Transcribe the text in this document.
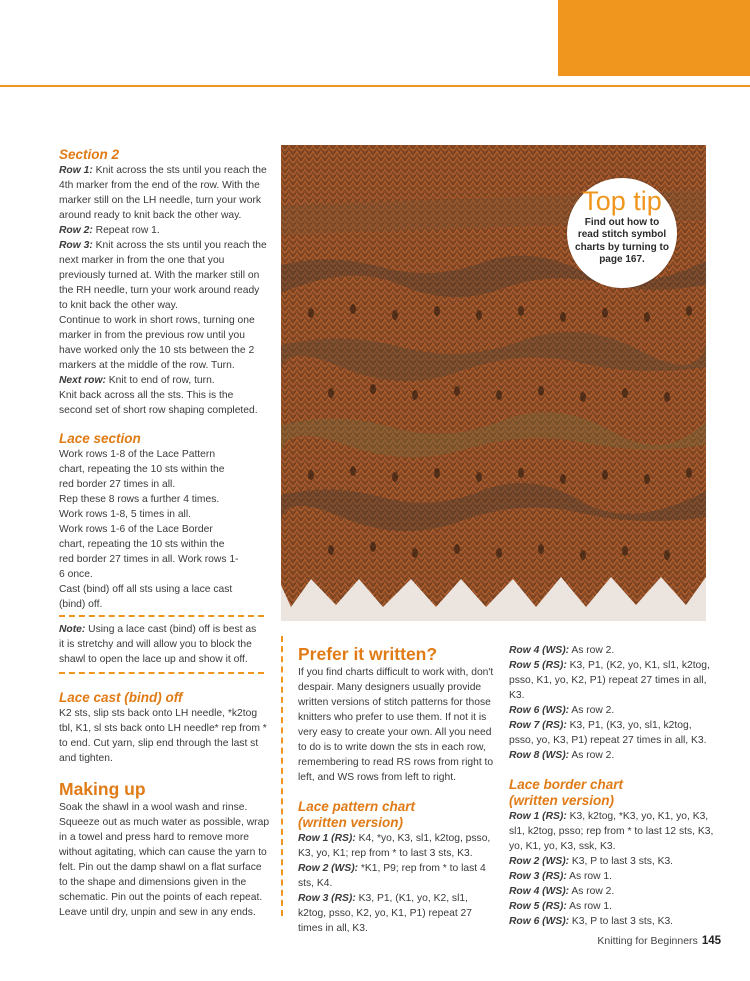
Section 2

Row 1: Knit across the sts until you reach the 4th marker from the end of the row. With the marker still on the LH needle, turn your work around ready to knit back the other way.

Row 2: Repeat row 1.

Row 3: Knit across the sts until you reach the next marker in from the one that you previously turned at. With the marker still on the RH needle, turn your work around ready to knit back the other way.

Continue to work in short rows, turning one marker in from the previous row until you have worked only the 10 sts between the 2 markers at the middle of the row. Turn.

Next row: Knit to end of row, turn.

Knit back across all the sts. This is the second set of short row shaping completed.

Lace section

Work rows 1-8 of the Lace Pattern chart, repeating the 10 sts within the red border 27 times in all.

Rep these 8 rows a further 4 times.

Work rows 1-8, 5 times in all.

Work rows 1-6 of the Lace Border chart, repeating the 10 sts within the red border 27 times in all. Work rows 1-6 once.

Cast (bind) off all sts using a lace cast (bind) off.

Note: Using a lace cast (bind) off is best as it is stretchy and will allow you to block the shawl to open the lace up and show it off.

Lace cast (bind) off

K2 sts, slip sts back onto LH needle, *k2tog tbl, K1, sl sts back onto LH needle* rep from * to end. Cut yarn, slip end through the last st and tighten.

Making up

Soak the shawl in a wool wash and rinse. Squeeze out as much water as possible, wrap in a towel and press hard to remove more without agitating, which can cause the yarn to felt. Pin out the damp shawl on a flat surface to the shape and dimensions given in the schematic. Pin out the points of each repeat. Leave until dry, unpin and sew in any ends.

Top tip
Find out how to read stitch symbol charts by turning to page 167.

Prefer it written?

If you find charts difficult to work with, don't despair. Many designers usually provide written versions of stitch patterns for those knitters who prefer to use them. If not it is very easy to create your own. All you need to do is to write down the sts in each row, remembering to read RS rows from right to left, and WS rows from left to right.

Lace pattern chart
(written version)

Row 1 (RS): K4, *yo, K3, sl1, k2tog, psso, K3, yo, K1; rep from * to last 3 sts, K3.

Row 2 (WS): *K1, P9; rep from * to last 4 sts, K4.

Row 3 (RS): K3, P1, (K1, yo, K2, sl1, k2tog, psso, K2, yo, K1, P1) repeat 27 times in all, K3.

Row 4 (WS): As row 2.

Row 5 (RS): K3, P1, (K2, yo, K1, sl1, k2tog, psso, K1, yo, K2, P1) repeat 27 times in all, K3.

Row 6 (WS): As row 2.

Row 7 (RS): K3, P1, (K3, yo, sl1, k2tog, psso, yo, K3, P1) repeat 27 times in all, K3.

Row 8 (WS): As row 2.

Lace border chart
(written version)

Row 1 (RS): K3, k2tog, *K3, yo, K1, yo, K3, sl1, k2tog, psso; rep from * to last 12 sts, K3, yo, K1, yo, K3, ssk, K3.

Row 2 (WS): K3, P to last 3 sts, K3.

Row 3 (RS): As row 1.

Row 4 (WS): As row 2.

Row 5 (RS): As row 1.

Row 6 (WS): K3, P to last 3 sts, K3.

Knitting for Beginners 145
